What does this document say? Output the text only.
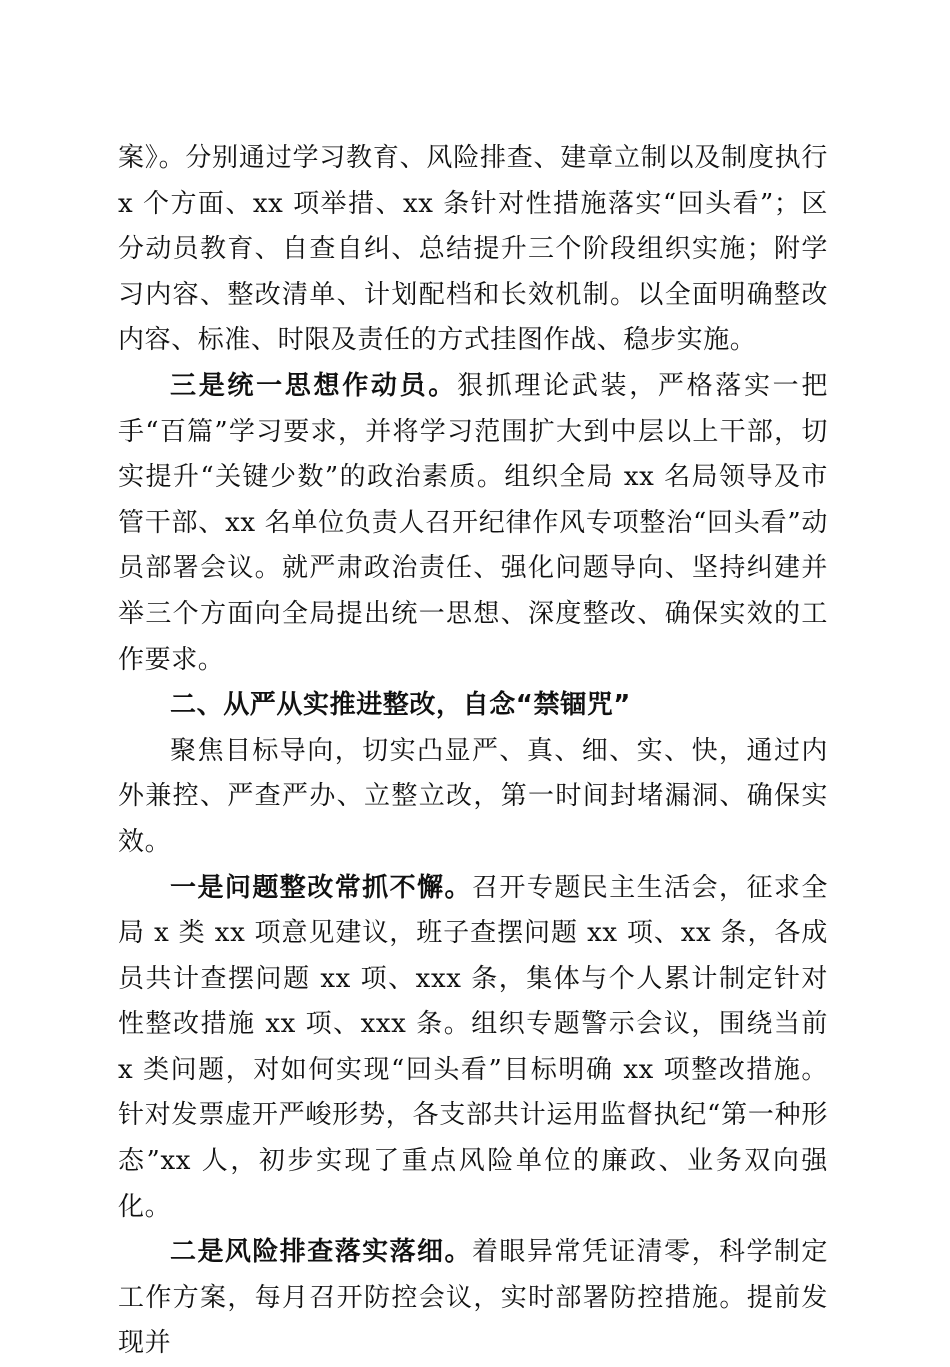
案》。分别通过学习教育、风险排查、建章立制以及制度执行 x 个方面、xx 项举措、xx 条针对性措施落实“回头看”；区分动员教育、自查自纠、总结提升三个阶段组织实施；附学习内容、整改清单、计划配档和长效机制。以全面明确整改内容、标准、时限及责任的方式挂图作战、稳步实施。

三是统一思想作动员。狠抓理论武装，严格落实一把手“百篇”学习要求，并将学习范围扩大到中层以上干部，切实提升“关键少数”的政治素质。组织全局 xx 名局领导及市管干部、xx 名单位负责人召开纪律作风专项整治“回头看”动员部署会议。就严肃政治责任、强化问题导向、坚持纠建并举三个方面向全局提出统一思想、深度整改、确保实效的工作要求。

二、从严从实推进整改，自念“禁锢咒”

聚焦目标导向，切实凸显严、真、细、实、快，通过内外兼控、严查严办、立整立改，第一时间封堵漏洞、确保实效。

一是问题整改常抓不懈。召开专题民主生活会，征求全局 x 类 xx 项意见建议，班子查摆问题 xx 项、xx 条，各成员共计查摆问题 xx 项、xxx 条，集体与个人累计制定针对性整改措施 xx 项、xxx 条。组织专题警示会议，围绕当前 x 类问题，对如何实现“回头看”目标明确 xx 项整改措施。针对发票虚开严峻形势，各支部共计运用监督执纪“第一种形态”xx 人，初步实现了重点风险单位的廉政、业务双向强化。

二是风险排查落实落细。着眼异常凭证清零，科学制定工作方案，每月召开防控会议，实时部署防控措施。提前发现并
